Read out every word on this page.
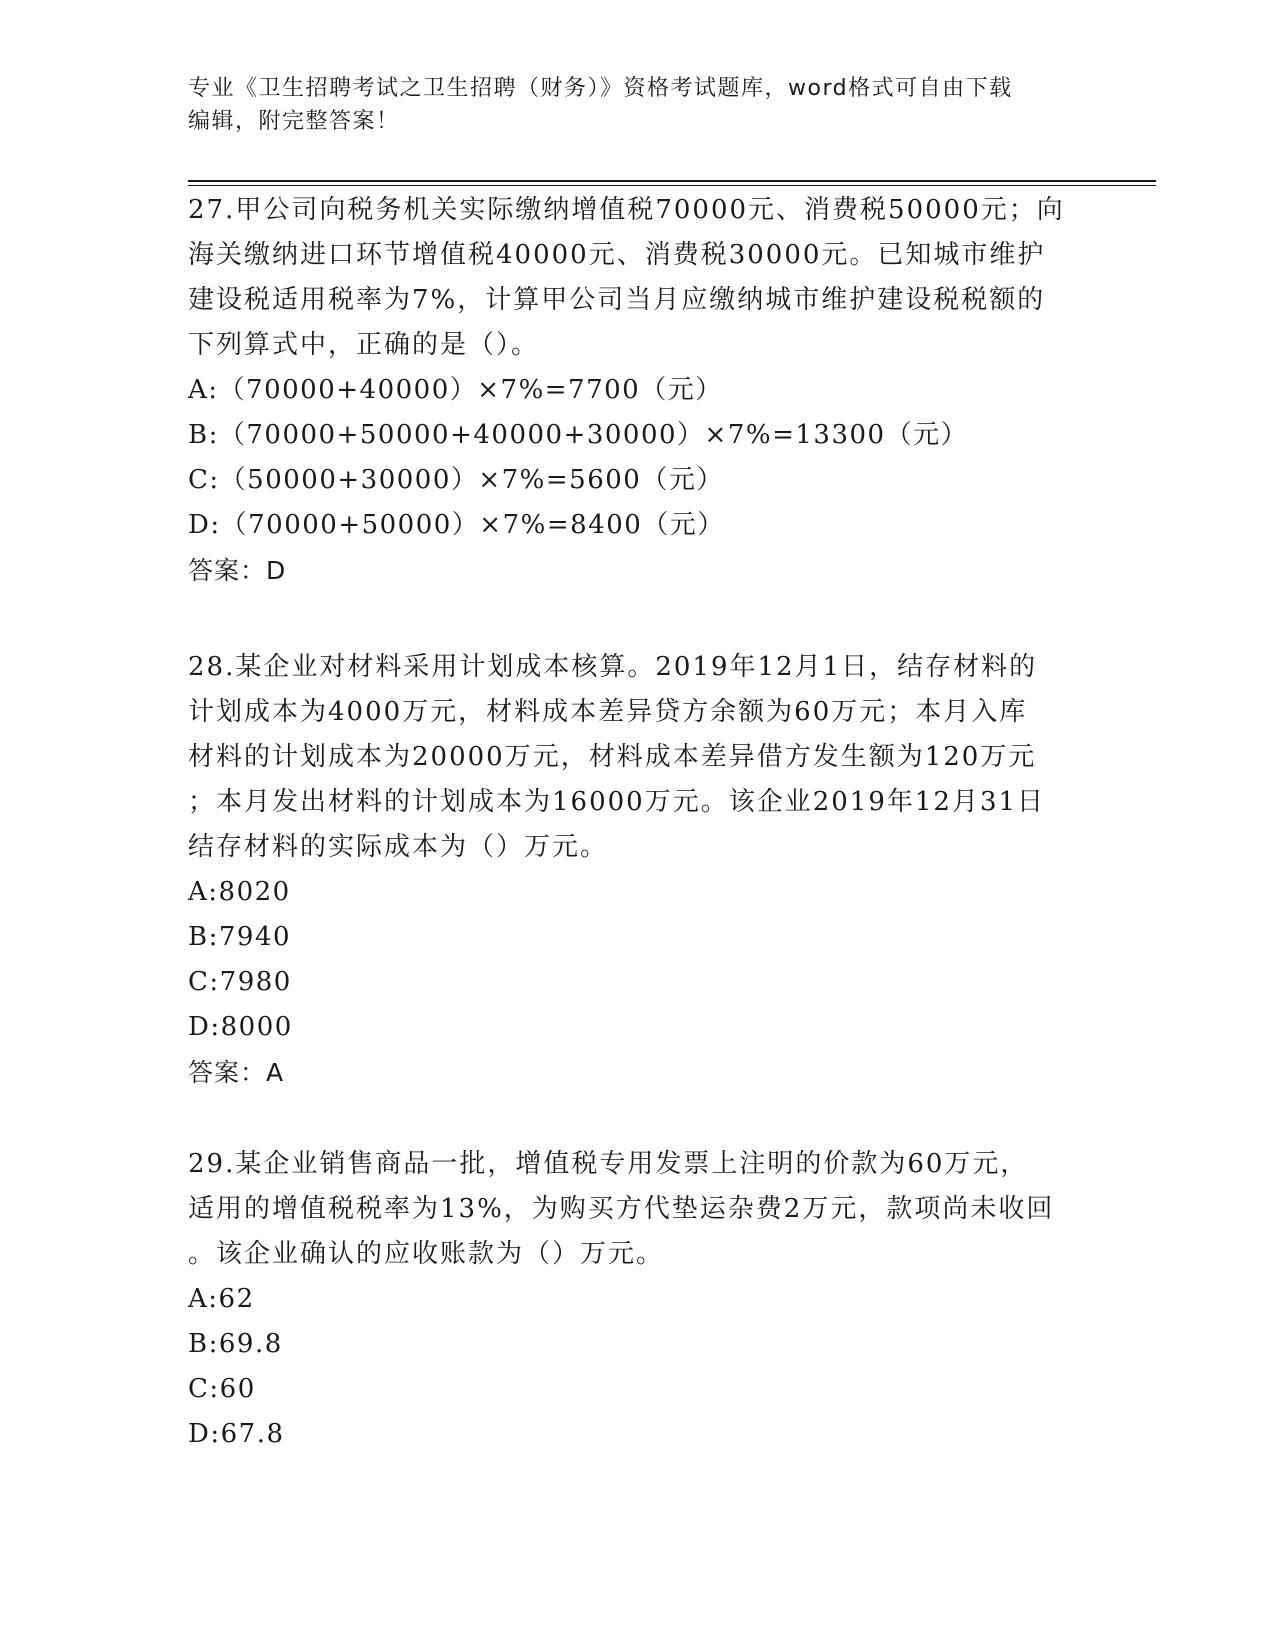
专业《卫生招聘考试之卫生招聘（财务）》资格考试题库，word格式可自由下载
编辑，附完整答案！

27.甲公司向税务机关实际缴纳增值税70000元、消费税50000元；向

海关缴纳进口环节增值税40000元、消费税30000元。已知城市维护

建设税适用税率为7%，计算甲公司当月应缴纳城市维护建设税税额的

下列算式中，正确的是（）。

A:（70000+40000）×7%=7700（元）

B:（70000+50000+40000+30000）×7%=13300（元）

C:（50000+30000）×7%=5600（元）

D:（70000+50000）×7%=8400（元）

答案：D

28.某企业对材料采用计划成本核算。2019年12月1日，结存材料的

计划成本为4000万元，材料成本差异贷方余额为60万元；本月入库

材料的计划成本为20000万元，材料成本差异借方发生额为120万元

；本月发出材料的计划成本为16000万元。该企业2019年12月31日

结存材料的实际成本为（）万元。

A:8020

B:7940

C:7980

D:8000

答案：A

29.某企业销售商品一批，增值税专用发票上注明的价款为60万元，

适用的增值税税率为13%，为购买方代垫运杂费2万元，款项尚未收回

。该企业确认的应收账款为（）万元。

A:62

B:69.8

C:60

D:67.8
